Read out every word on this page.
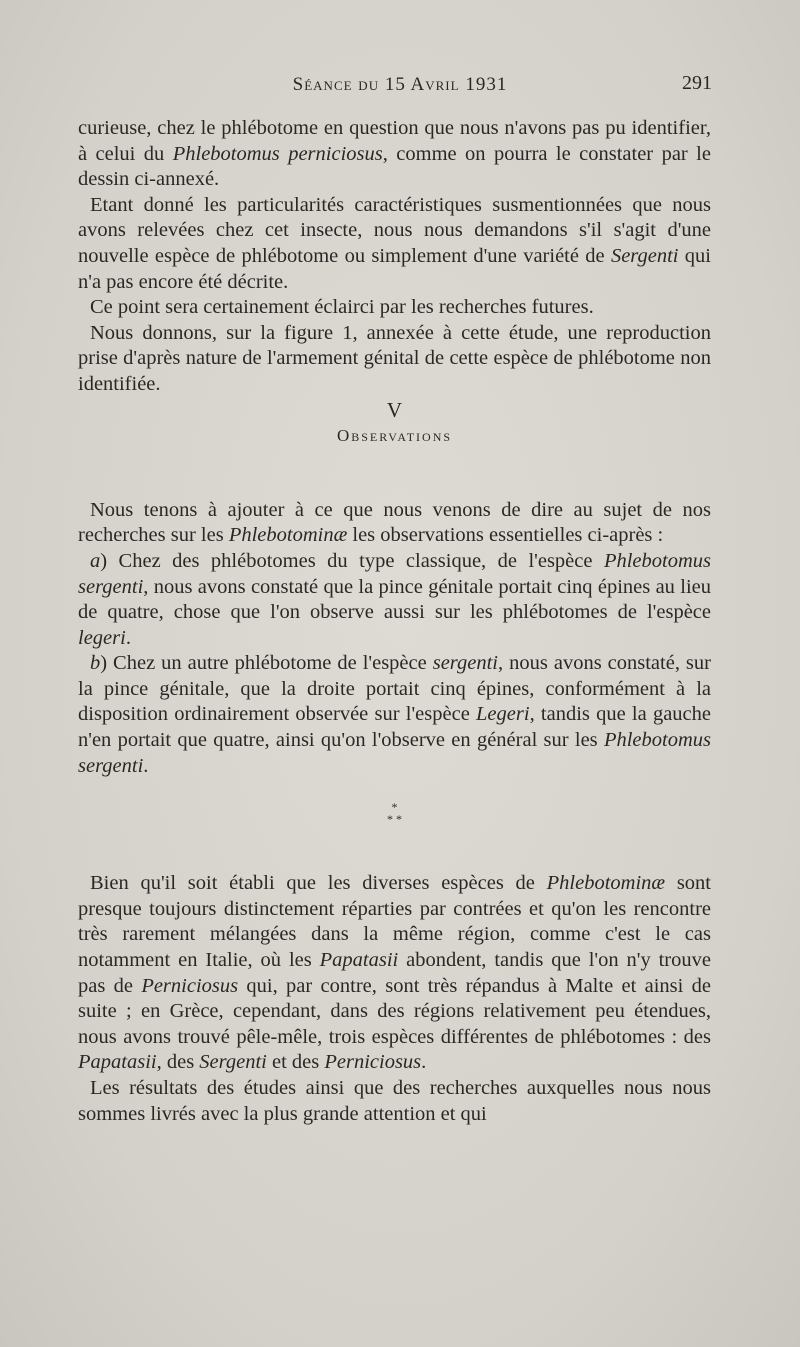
Séance du 15 Avril 1931	291

curieuse, chez le phlébotome en question que nous n'avons pas pu identifier, à celui du Phlebotomus perniciosus, comme on pourra le constater par le dessin ci-annexé.

Etant donné les particularités caractéristiques susmentionnées que nous avons relevées chez cet insecte, nous nous demandons s'il s'agit d'une nouvelle espèce de phlébotome ou simplement d'une variété de Sergenti qui n'a pas encore été décrite.

Ce point sera certainement éclairci par les recherches futures.

Nous donnons, sur la figure 1, annexée à cette étude, une reproduction prise d'après nature de l'armement génital de cette espèce de phlébotome non identifiée.

V

Observations

Nous tenons à ajouter à ce que nous venons de dire au sujet de nos recherches sur les Phlebotominæ les observations essentielles ci-après :

a) Chez des phlébotomes du type classique, de l'espèce Phlebotomus sergenti, nous avons constaté que la pince génitale portait cinq épines au lieu de quatre, chose que l'on observe aussi sur les phlébotomes de l'espèce legeri.

b) Chez un autre phlébotome de l'espèce sergenti, nous avons constaté, sur la pince génitale, que la droite portait cinq épines, conformément à la disposition ordinairement observée sur l'espèce Legeri, tandis que la gauche n'en portait que quatre, ainsi qu'on l'observe en général sur les Phlebotomus sergenti.

*
* *

Bien qu'il soit établi que les diverses espèces de Phlebotominæ sont presque toujours distinctement réparties par contrées et qu'on les rencontre très rarement mélangées dans la même région, comme c'est le cas notamment en Italie, où les Papatasii abondent, tandis que l'on n'y trouve pas de Perniciosus qui, par contre, sont très répandus à Malte et ainsi de suite ; en Grèce, cependant, dans des régions relativement peu étendues, nous avons trouvé pêle-mêle, trois espèces différentes de phlébotomes : des Papatasii, des Sergenti et des Perniciosus.

Les résultats des études ainsi que des recherches auxquelles nous nous sommes livrés avec la plus grande attention et qui
